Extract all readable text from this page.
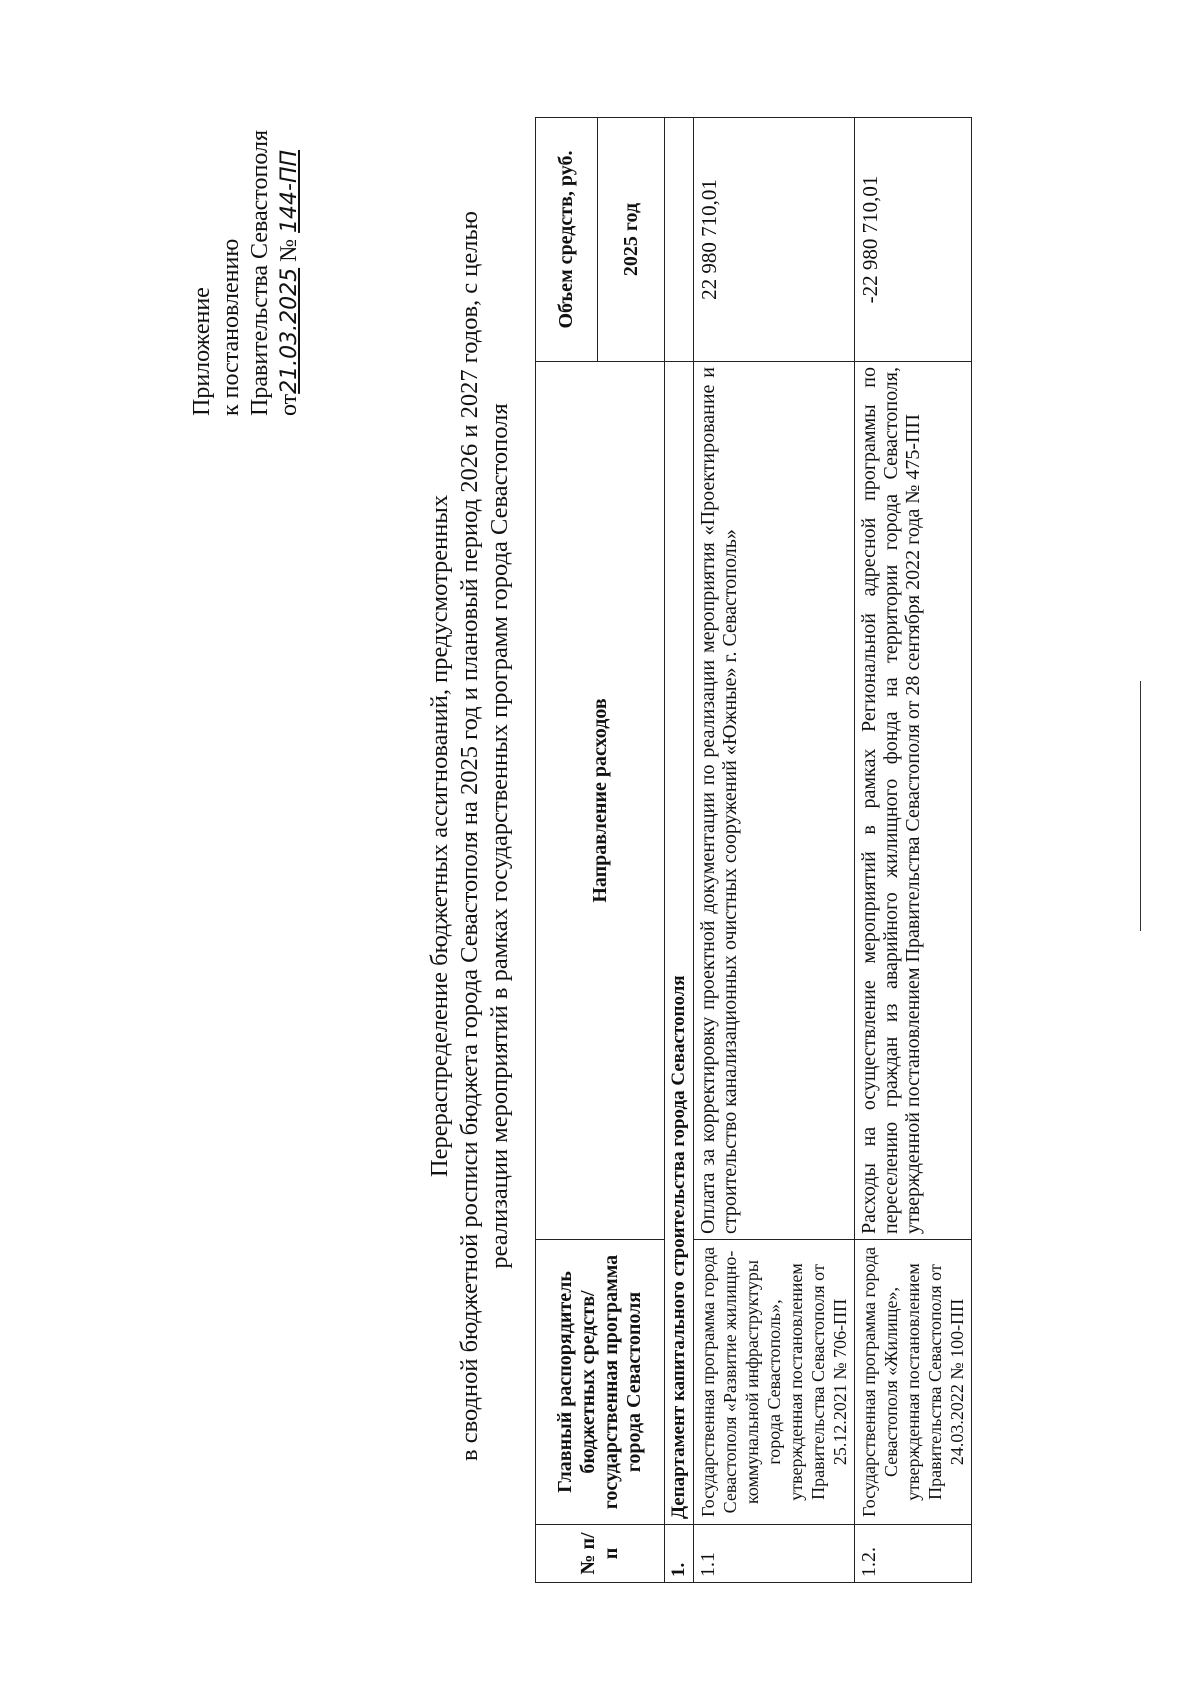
Приложение к постановлению Правительства Севастополя от21.03.2025 № 144-ПП
Перераспределение бюджетных ассигнований, предусмотренных в сводной бюджетной росписи бюджета города Севастополя на 2025 год и плановый период 2026 и 2027 годов, с целью реализации мероприятий в рамках государственных программ города Севастополя
№ п/п	Главный распорядитель бюджетных средств/государственная программа города Севастополя	Направление расходов	Объем средств, руб.
			2025 год
1.	Департамент капитального строительства города Севастополя		
1.1	Государственная программа города Севастополя «Развитие жилищно-коммунальной инфраструктуры города Севастополь», утвержденная постановлением Правительства Севастополя от 25.12.2021 № 706-ПП	Оплата за корректировку проектной документации по реализации мероприятия «Проектирование и строительство канализационных очистных сооружений «Южные» г. Севастополь»	22 980 710,01
1.2.	Государственная программа города Севастополя «Жилище», утвержденная постановлением Правительства Севастополя от 24.03.2022 № 100-ПП	Расходы на осуществление мероприятий в рамках Региональной адресной программы по переселению граждан из аварийного жилищного фонда на территории города Севастополя, утвержденной постановлением Правительства Севастополя от 28 сентября 2022 года № 475-ПП	-22 980 710,01
